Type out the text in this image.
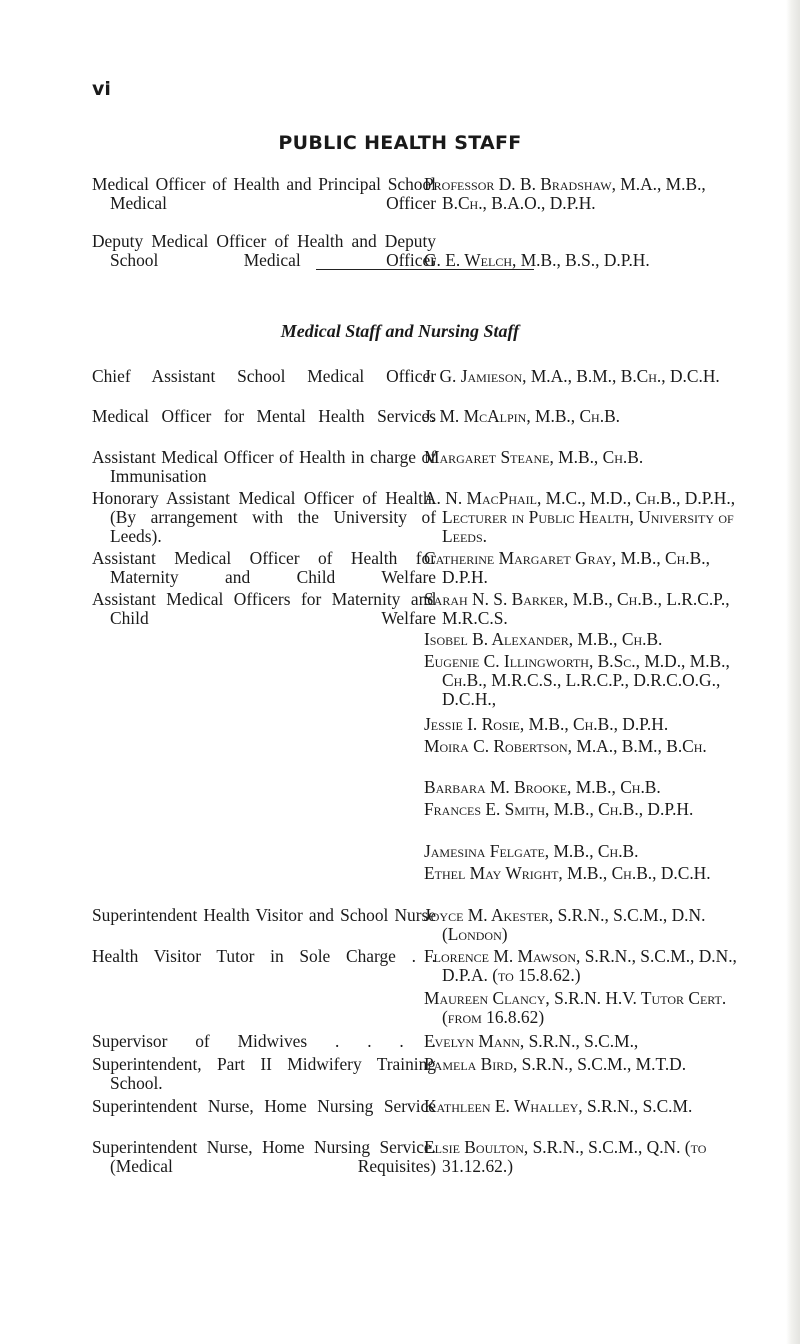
vi
PUBLIC HEALTH STAFF
Medical Officer of Health and Principal School Medical Officer
Professor D. B. Bradshaw, M.A., M.B., B.Ch., B.A.O., D.P.H.
Deputy Medical Officer of Health and Deputy School Medical Officer
G. E. Welch, M.B., B.S., D.P.H.
Medical Staff and Nursing Staff
Chief Assistant School Medical Officer
J. G. Jamieson, M.A., B.M., B.Ch., D.C.H.
Medical Officer for Mental Health Services
J. M. McAlpin, M.B., Ch.B.
Assistant Medical Officer of Health in charge of Immunisation
Margaret Steane, M.B., Ch.B.
Honorary Assistant Medical Officer of Health. (By arrangement with the University of Leeds).
A. N. MacPhail, M.C., M.D., Ch.B., D.P.H., Lecturer in Public Health, University of Leeds.
Assistant Medical Officer of Health for Maternity and Child Welfare
Catherine Margaret Gray, M.B., Ch.B., D.P.H.
Assistant Medical Officers for Maternity and Child Welfare
Sarah N. S. Barker, M.B., Ch.B., L.R.C.P., M.R.C.S.
Isobel B. Alexander, M.B., Ch.B.
Eugenie C. Illingworth, B.Sc., M.D., M.B., Ch.B., M.R.C.S., L.R.C.P., D.R.C.O.G., D.C.H.,
Jessie I. Rosie, M.B., Ch.B., D.P.H.
Moira C. Robertson, M.A., B.M., B.Ch.
Barbara M. Brooke, M.B., Ch.B.
Frances E. Smith, M.B., Ch.B., D.P.H.
Jamesina Felgate, M.B., Ch.B.
Ethel May Wright, M.B., Ch.B., D.C.H.
Superintendent Health Visitor and School Nurse
Joyce M. Akester, S.R.N., S.C.M., D.N. (London)
Health Visitor Tutor in Sole Charge . .
Florence M. Mawson, S.R.N., S.C.M., D.N., D.P.A. (to 15.8.62.)
Maureen Clancy, S.R.N. H.V. Tutor Cert. (from 16.8.62)
Supervisor of Midwives . . . .
Evelyn Mann, S.R.N., S.C.M.,
Superintendent, Part II Midwifery Training School.
Pamela Bird, S.R.N., S.C.M., M.T.D.
Superintendent Nurse, Home Nursing Service
Kathleen E. Whalley, S.R.N., S.C.M.
Superintendent Nurse, Home Nursing Service. (Medical Requisites)
Elsie Boulton, S.R.N., S.C.M., Q.N. (to 31.12.62.)
